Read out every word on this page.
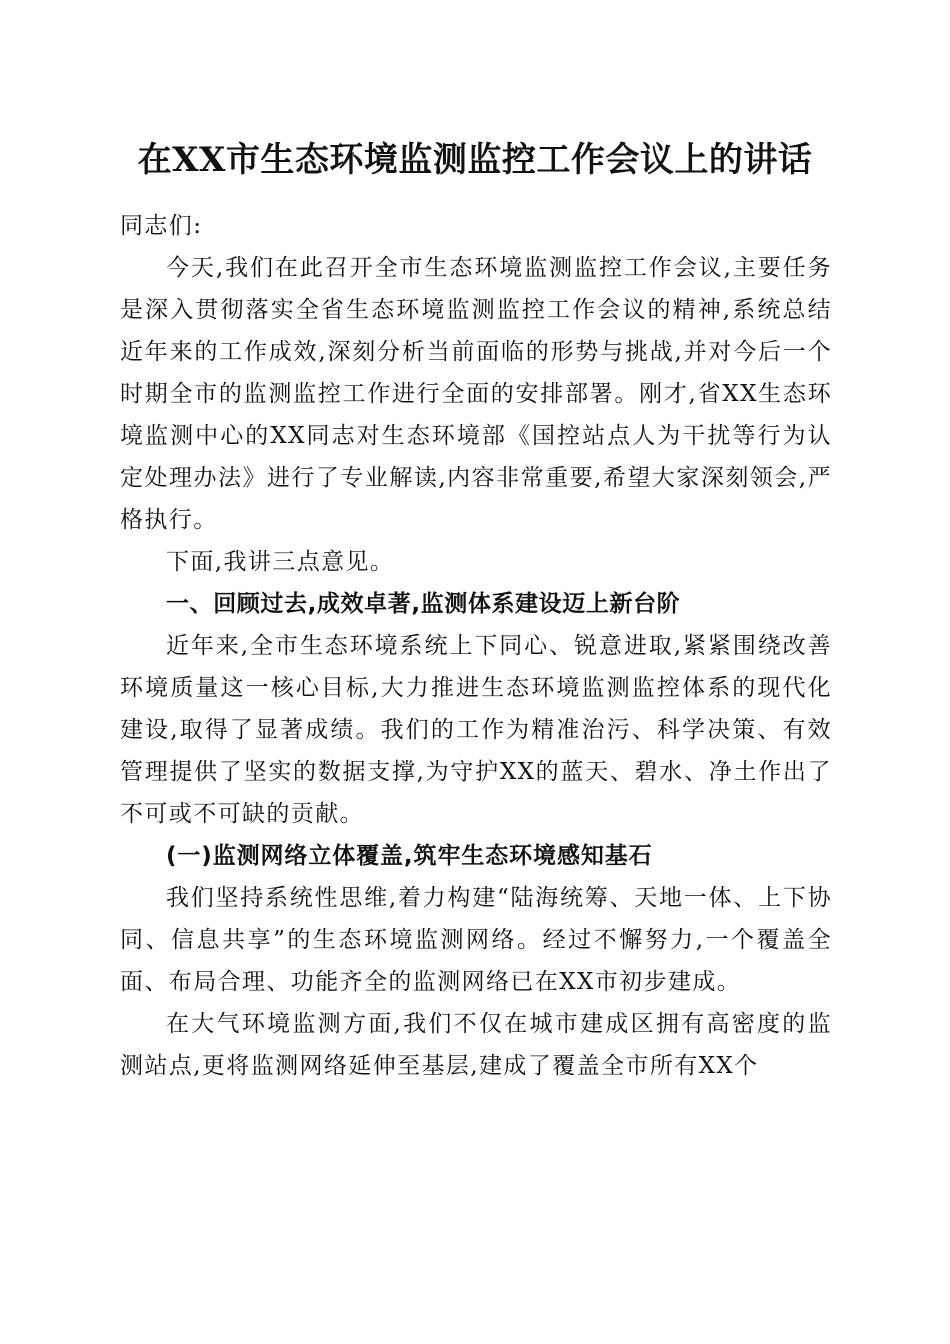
在XX市生态环境监测监控工作会议上的讲话

同志们:

今天,我们在此召开全市生态环境监测监控工作会议,主要任务是深入贯彻落实全省生态环境监测监控工作会议的精神,系统总结近年来的工作成效,深刻分析当前面临的形势与挑战,并对今后一个时期全市的监测监控工作进行全面的安排部署。刚才,省XX生态环境监测中心的XX同志对生态环境部《国控站点人为干扰等行为认定处理办法》进行了专业解读,内容非常重要,希望大家深刻领会,严格执行。

下面,我讲三点意见。

一、回顾过去,成效卓著,监测体系建设迈上新台阶

近年来,全市生态环境系统上下同心、锐意进取,紧紧围绕改善环境质量这一核心目标,大力推进生态环境监测监控体系的现代化建设,取得了显著成绩。我们的工作为精准治污、科学决策、有效管理提供了坚实的数据支撑,为守护XX的蓝天、碧水、净土作出了不可或不可缺的贡献。

(一)监测网络立体覆盖,筑牢生态环境感知基石

我们坚持系统性思维,着力构建“陆海统筹、天地一体、上下协同、信息共享”的生态环境监测网络。经过不懈努力,一个覆盖全面、布局合理、功能齐全的监测网络已在XX市初步建成。

在大气环境监测方面,我们不仅在城市建成区拥有高密度的监测站点,更将监测网络延伸至基层,建成了覆盖全市所有XX个
